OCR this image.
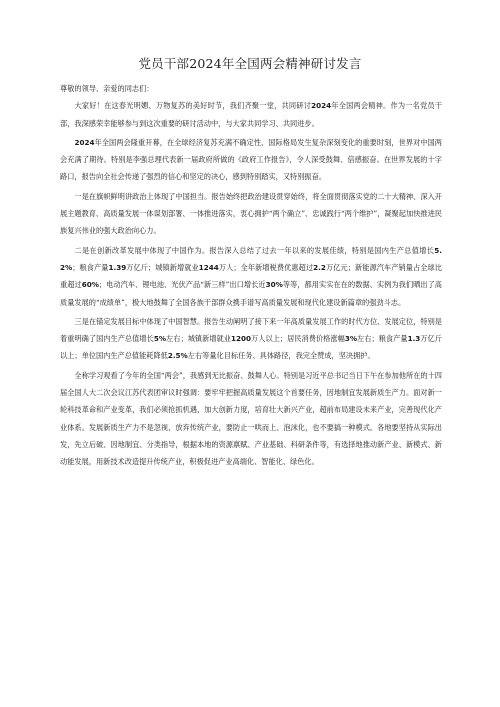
党员干部2024年全国两会精神研讨发言

尊敬的领导、亲爱的同志们：

大家好！在这春光明媚、万物复苏的美好时节，我们齐聚一堂，共同研讨2024年全国两会精神。作为一名党员干部，我深感荣幸能够参与到这次重要的研讨活动中，与大家共同学习、共同进步。

2024年全国两会隆重开幕，在全球经济复苏充满不确定性、国际格局发生复杂深刻变化的重要时刻，世界对中国两会充满了期待。特别是李强总理代表新一届政府所做的《政府工作报告》，令人深受鼓舞、倍感振奋。在世界发展的十字路口，报告向全社会传递了强烈的信心和坚定的决心，感到特别踏实，又特别振奋。

一是在旗帜鲜明讲政治上体现了中国担当。报告始终把政治建设贯穿始终，将全面贯彻落实党的二十大精神、深入开展主题教育、高质量发展一体谋划部署、一体推进落实，衷心拥护“两个确立”、忠诚践行“两个维护”，凝聚起加快推进民族复兴伟业的强大政治向心力。

二是在创新改革发展中体现了中国作为。报告深入总结了过去一年以来的发展佳绩，特别是国内生产总值增长5.2%；粮食产量1.39万亿斤；城镇新增就业1244万人；全年新增税费优惠超过2.2万亿元；新能源汽车产销量占全球比重超过60%；电动汽车、锂电池、光伏产品“新三样”出口增长近30%等等，都用实实在在的数据、实例为我们晒出了高质量发展的“成绩单”，极大地鼓舞了全国各族干部群众携手谱写高质量发展和现代化建设新篇章的强劲斗志。

三是在锚定发展目标中体现了中国智慧。报告生动阐明了接下来一年高质量发展工作的时代方位、发展定位，特别是着重明确了国内生产总值增长5%左右；城镇新增就业1200万人以上；居民消费价格涨幅3%左右；粮食产量1.3万亿斤以上；单位国内生产总值能耗降低2.5%左右等量化目标任务、具体路径，我完全赞成，坚决拥护。

全称学习观看了今年的全国“两会”，我感到无比振奋、鼓舞人心。特别是习近平总书记当日下午在参加他所在的十四届全国人大二次会议江苏代表团审议时强调：要牢牢把握高质量发展这个首要任务，因地制宜发展新质生产力。面对新一轮科技革命和产业变革，我们必须抢抓机遇，加大创新力度，培育壮大新兴产业，超前布局建设未来产业，完善现代化产业体系。发展新质生产力不是忽视、放弃传统产业，要防止一哄而上、泡沫化，也不要搞一种模式。各地要坚持从实际出发，先立后破、因地制宜、分类指导，根据本地的资源禀赋、产业基础、科研条件等，有选择地推动新产业、新模式、新动能发展，用新技术改造提升传统产业，积极促进产业高端化、智能化、绿色化。
